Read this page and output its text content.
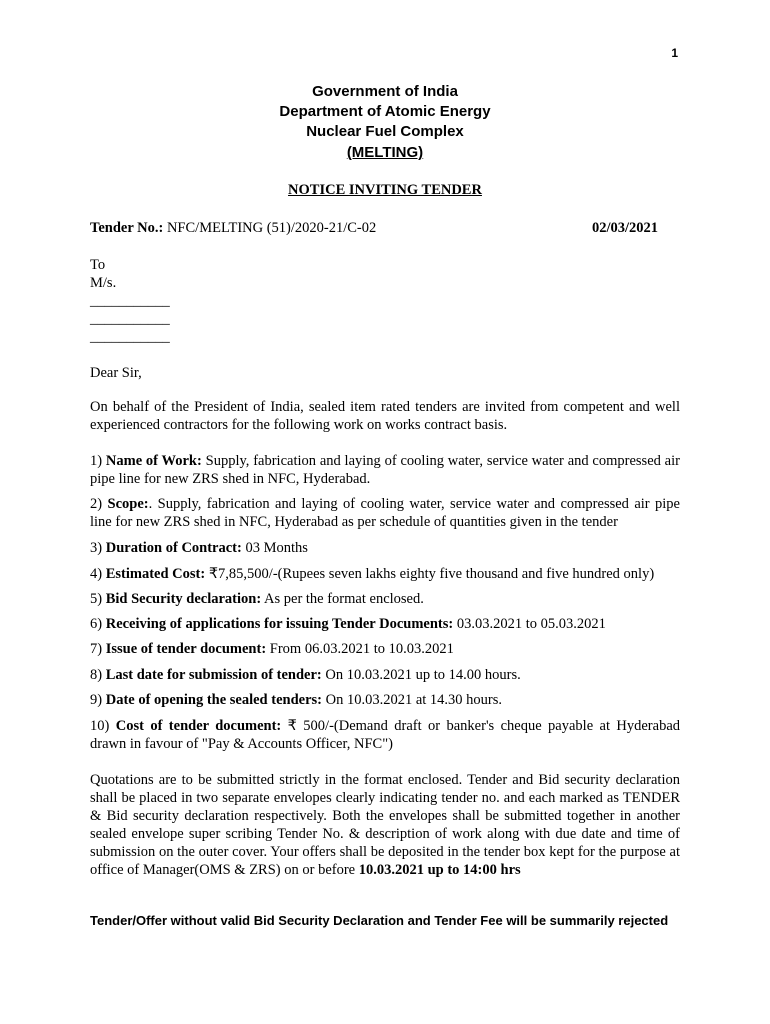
1
Government of India
Department of Atomic Energy
Nuclear Fuel Complex
(MELTING)
NOTICE INVITING TENDER
Tender No.: NFC/MELTING (51)/2020-21/C-02	02/03/2021
To
M/s.
___________
___________
___________
Dear Sir,
On behalf of the President of India, sealed item rated tenders are invited from competent and well experienced contractors for the following work on works contract basis.
1) Name of Work: Supply, fabrication and laying of cooling water, service water and compressed air pipe line for new ZRS shed in NFC, Hyderabad.
2) Scope:. Supply, fabrication and laying of cooling water, service water and compressed air pipe line for new ZRS shed in NFC, Hyderabad as per schedule of quantities given in the tender
3) Duration of Contract: 03 Months
4) Estimated Cost: ₹7,85,500/-(Rupees seven lakhs eighty five thousand and five hundred only)
5) Bid Security declaration: As per the format enclosed.
6) Receiving of applications for issuing Tender Documents: 03.03.2021 to 05.03.2021
7) Issue of tender document: From 06.03.2021 to 10.03.2021
8) Last date for submission of tender: On 10.03.2021 up to 14.00 hours.
9) Date of opening the sealed tenders: On 10.03.2021 at 14.30 hours.
10) Cost of tender document: ₹ 500/-(Demand draft or banker's cheque payable at Hyderabad drawn in favour of "Pay & Accounts Officer, NFC")
Quotations are to be submitted strictly in the format enclosed. Tender and Bid security declaration shall be placed in two separate envelopes clearly indicating tender no. and each marked as TENDER & Bid security declaration respectively. Both the envelopes shall be submitted together in another sealed envelope super scribing Tender No. & description of work along with due date and time of submission on the outer cover. Your offers shall be deposited in the tender box kept for the purpose at office of Manager(OMS & ZRS) on or before 10.03.2021 up to 14:00 hrs
Tender/Offer without valid Bid Security Declaration and Tender Fee will be summarily rejected
